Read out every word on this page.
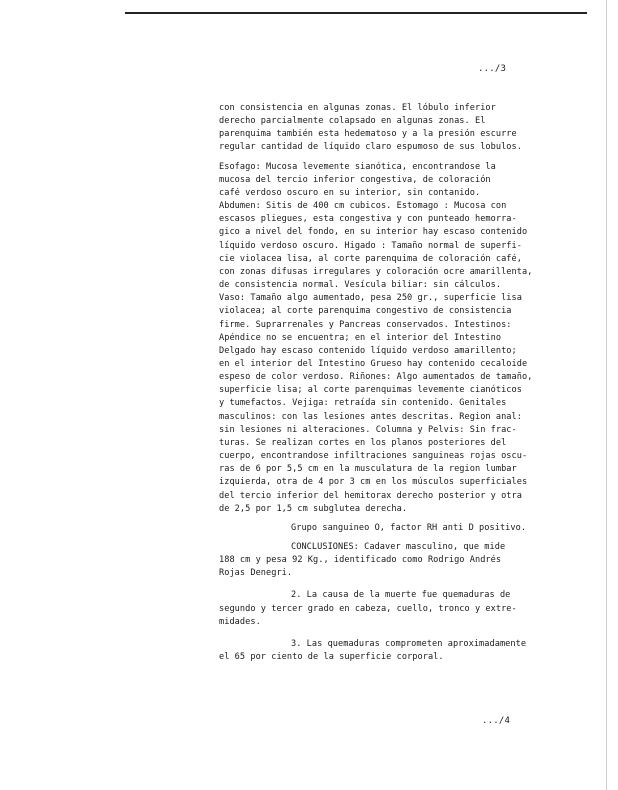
.../3

con consistencia en algunas zonas. El lóbulo inferior
derecho parcialmente colapsado en algunas zonas. El
parenquima también esta hedematoso y a la presión escurre
regular cantidad de líquido claro espumoso de sus lobulos.

Esofago: Mucosa levemente sianótica, encontrandose la
mucosa del tercio inferior congestiva, de coloración
café verdoso oscuro en su interior, sin contanido.
Abdumen: Sitis de 400 cm cubicos. Estomago : Mucosa con
escasos pliegues, esta congestiva y con punteado hemorra-
gico a nivel del fondo, en su interior hay escaso contenido
líquido verdoso oscuro. Higado : Tamaño normal de superfi-
cie violacea lisa, al corte parenquima de coloración café,
con zonas difusas irregulares y coloración ocre amarillenta,
de consistencia normal. Vesícula biliar: sin cálculos.
Vaso: Tamaño algo aumentado, pesa 250 gr., superficie lisa
violacea; al corte parenquima congestivo de consistencia
firme. Suprarrenales y Pancreas conservados. Intestinos:
Apéndice no se encuentra; en el interior del Intestino
Delgado hay escaso contenido líquido verdoso amarillento;
en el interior del Intestino Grueso hay contenido cecaloide
espeso de color verdoso. Riñones: Algo aumentados de tamaño,
superficie lisa; al corte parenquimas levemente cianóticos
y tumefactos. Vejiga: retraída sin contenido. Genitales
masculinos: con las lesiones antes descritas. Region anal:
sin lesiones ni alteraciones. Columna y Pelvis: Sin frac-
turas. Se realizan cortes en los planos posteriores del
cuerpo, encontrandose infiltraciones sanguineas rojas oscu-
ras de 6 por 5,5 cm en la musculatura de la region lumbar
izquierda, otra de 4 por 3 cm en los músculos superficiales
del tercio inferior del hemitorax derecho posterior y otra
de 2,5 por 1,5 cm subglutea derecha.

Grupo sanguineo O, factor RH anti D positivo.

CONCLUSIONES: Cadaver masculino, que mide
188 cm y pesa 92 Kg., identificado como Rodrigo Andrés
Rojas Denegri.

2. La causa de la muerte fue quemaduras de
segundo y tercer grado en cabeza, cuello, tronco y extre-
midades.

3. Las quemaduras comprometen aproximadamente
el 65 por ciento de la superficie corporal.

.../4
